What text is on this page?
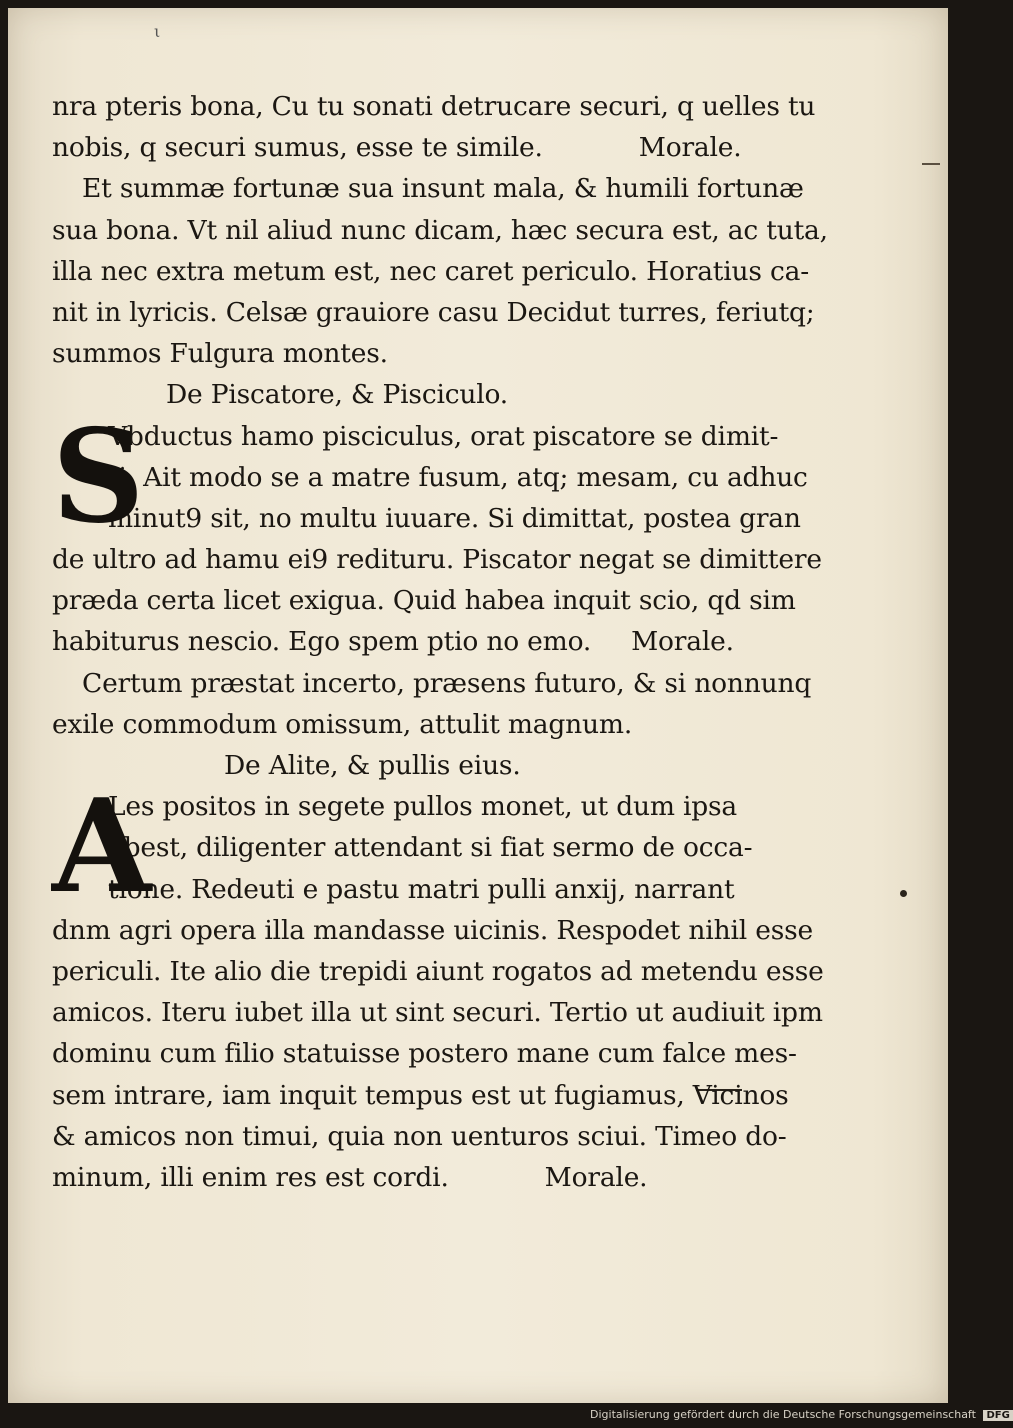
ι
nra pteris bona, Cu tu sonati detrucare securi, q uelles tu
nobis, q securi sumus, esse te simile.	Morale.
Et summæ fortunæ sua insunt mala, & humili fortunæ
sua bona. Vt nil aliud nunc dicam, hæc secura est, ac tuta,
illa nec extra metum est, nec caret periculo. Horatius ca-
nit in lyricis. Celsæ grauiore casu Decidut turres, feriutq;
summos Fulgura montes.
De Piscatore, & Pisciculo.
S
Vbductus hamo pisciculus, orat piscatore se dimit-
ti. Ait modo se a matre fusum, atq; mesam, cu adhuc
minut9 sit, no multu iuuare. Si dimittat, postea gran
de ultro ad hamu ei9 redituru. Piscator negat se dimittere
præda certa licet exigua. Quid habea inquit scio, qd sim
habiturus nescio. Ego spem ptio no emo. Morale.
Certum præstat incerto, præsens futuro, & si nonnunq
exile commodum omissum, attulit magnum.
De Alite, & pullis eius.
A
Les positos in segete pullos monet, ut dum ipsa
abest, diligenter attendant si fiat sermo de occa-
tione. Redeuti e pastu matri pulli anxij, narrant
dnm agri opera illa mandasse uicinis. Respodet nihil esse
periculi. Ite alio die trepidi aiunt rogatos ad metendu esse
amicos. Iteru iubet illa ut sint securi. Tertio ut audiuit ipm
dominu cum filio statuisse postero mane cum falce mes-
sem intrare, iam inquit tempus est ut fugiamus, Vicinos
& amicos non timui, quia non uenturos sciui. Timeo do-
minum, illi enim res est cordi.	Morale.
Digitalisierung gefördert durch die Deutsche Forschungsgemeinschaft DFG
